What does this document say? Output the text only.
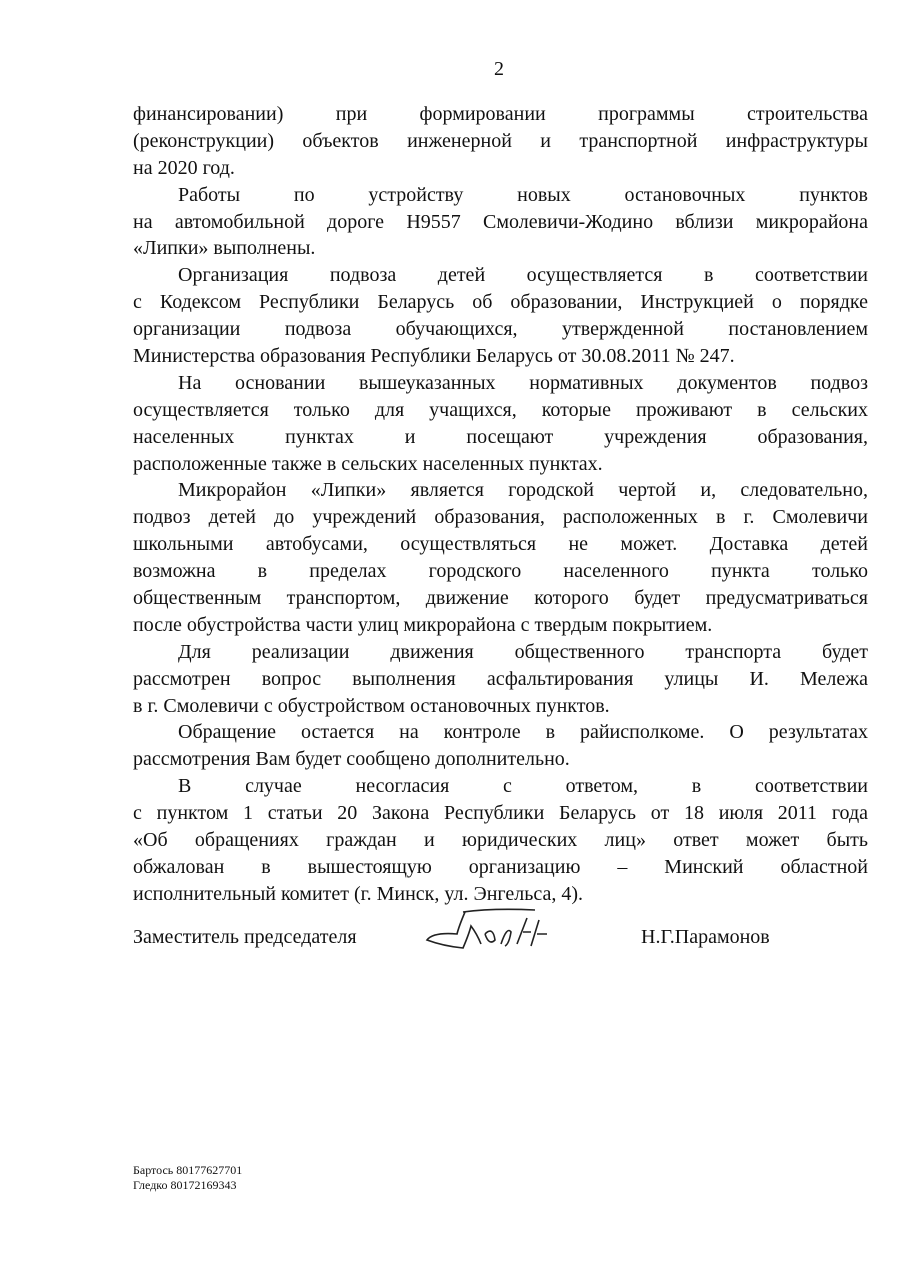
2
финансировании) при формировании программы строительства
(реконструкции) объектов инженерной и транспортной инфраструктуры
на 2020 год.
Работы по устройству новых остановочных пунктов
на автомобильной дороге Н9557 Смолевичи-Жодино вблизи микрорайона
«Липки» выполнены.
Организация подвоза детей осуществляется в соответствии
с Кодексом Республики Беларусь об образовании, Инструкцией о порядке
организации подвоза обучающихся, утвержденной постановлением
Министерства образования Республики Беларусь от 30.08.2011 № 247.
На основании вышеуказанных нормативных документов подвоз
осуществляется только для учащихся, которые проживают в сельских
населенных пунктах и посещают учреждения образования,
расположенные также в сельских населенных пунктах.
Микрорайон «Липки» является городской чертой и, следовательно,
подвоз детей до учреждений образования, расположенных в г. Смолевичи
школьными автобусами, осуществляться не может. Доставка детей
возможна в пределах городского населенного пункта только
общественным транспортом, движение которого будет предусматриваться
после обустройства части улиц микрорайона с твердым покрытием.
Для реализации движения общественного транспорта будет
рассмотрен вопрос выполнения асфальтирования улицы И. Мележа
в г. Смолевичи с обустройством остановочных пунктов.
Обращение остается на контроле в райисполкоме. О результатах
рассмотрения Вам будет сообщено дополнительно.
В случае несогласия с ответом, в соответствии
с пунктом 1 статьи 20 Закона Республики Беларусь от 18 июля 2011 года
«Об обращениях граждан и юридических лиц» ответ может быть
обжалован в вышестоящую организацию – Минский областной
исполнительный комитет (г. Минск, ул. Энгельса, 4).
Заместитель председателя	Н.Г.Парамонов
Бартось 80177627701
Гледко 80172169343
